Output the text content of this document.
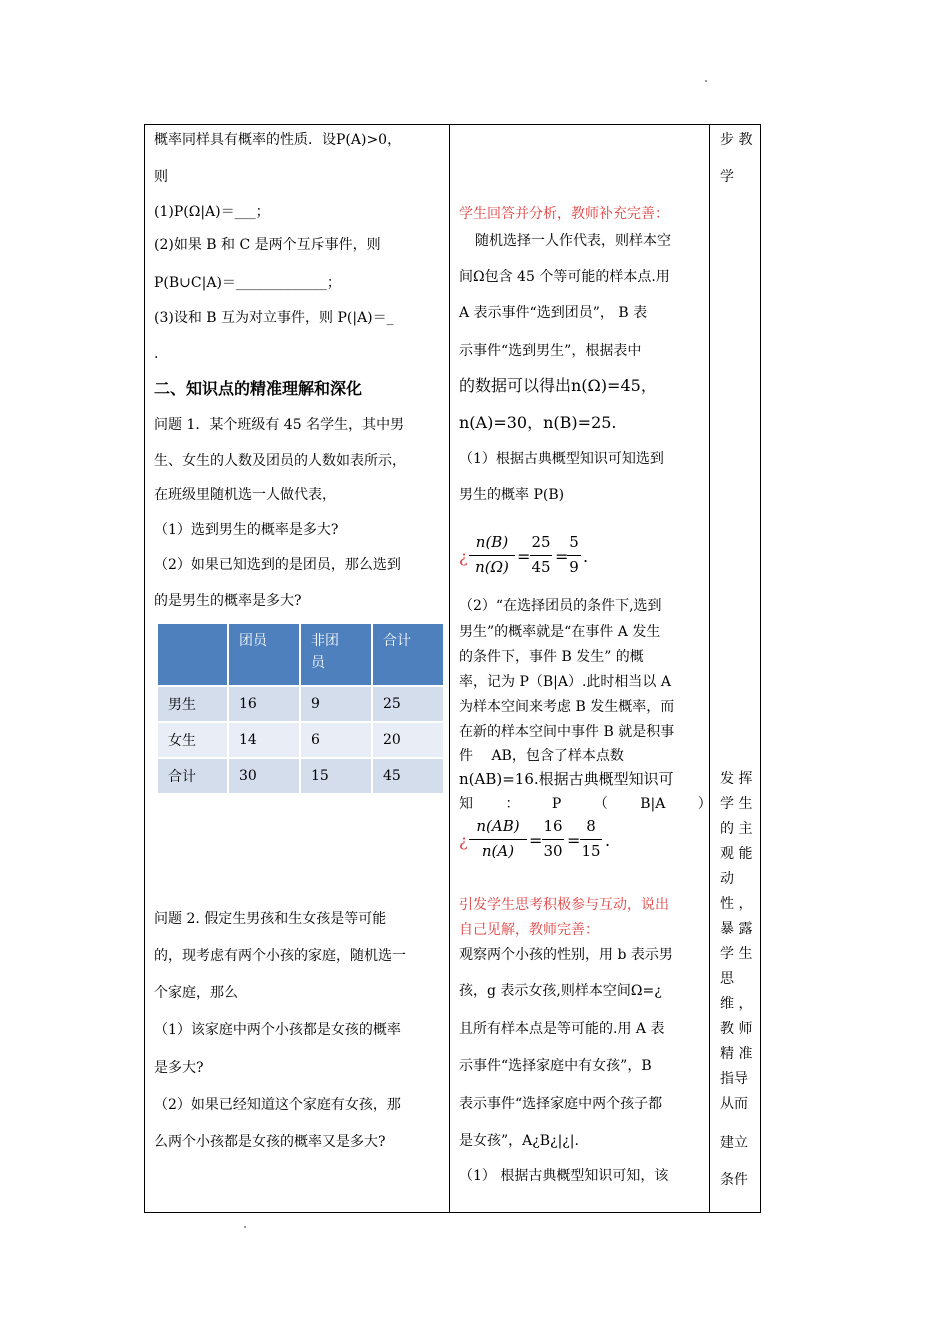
概率同样具有概率的性质．设P(A)>0，
则
(1)P(Ω|A)＝___；
(2)如果 B 和 C 是两个互斥事件，则
P(B∪C|A)＝_____________；
(3)设和 B 互为对立事件，则 P(|A)＝_
.
二、知识点的精准理解和深化
问题 1．某个班级有 45 名学生，其中男
生、女生的人数及团员的人数如表所示，
在班级里随机选一人做代表，
（1）选到男生的概率是多大?
（2）如果已知选到的是团员，那么选到
的是男生的概率是多大?
	团员	非团员	合计
男生	16	9	25
女生	14	6	20
合计	30	15	45
问题 2. 假定生男孩和生女孩是等可能
的，现考虑有两个小孩的家庭，随机选一
个家庭，那么
（1）该家庭中两个小孩都是女孩的概率
是多大?
（2）如果已经知道这个家庭有女孩，那
么两个小孩都是女孩的概率又是多大?
学生回答并分析，教师补充完善：
随机选择一人作代表，则样本空
间Ω包含 45 个等可能的样本点.用
A 表示事件“选到团员”， B 表
示事件“选到男生”，根据表中
的数据可以得出n(Ω)=45，
n(A)=30，n(B)=25.
（1）根据古典概型知识可知选到
男生的概率 P(B)
¿
n(B)
n(Ω)
=
25
45
=
5
9
.
（2）“在选择团员的条件下,选到
男生”的概率就是“在事件 A 发生
的条件下，事件 B 发生” 的概
率，记为 P（B|A）.此时相当以 A
为样本空间来考虑 B 发生概率，而
在新的样本空间中事件 B 就是积事
件 AB，包含了样本点数
n(AB)=16.根据古典概型知识可
知 ： P （ B|A ）
¿
n(AB)
n(A)
=
16
30
=
8
15
.
引发学生思考积极参与互动，说出
自己见解，教师完善：
观察两个小孩的性别，用 b 表示男
孩，g 表示女孩,则样本空间Ω=¿
且所有样本点是等可能的.用 A 表
示事件“选择家庭中有女孩”，B
表示事件“选择家庭中两个孩子都
是女孩”，A¿B¿|¿|.
（1） 根据古典概型知识可知，该
步 教
学
发 挥
学 生
的 主
观 能
动
性 ，
暴 露
学 生
思
维 ，
教 师
精 准
指导
从而
建立
条件
